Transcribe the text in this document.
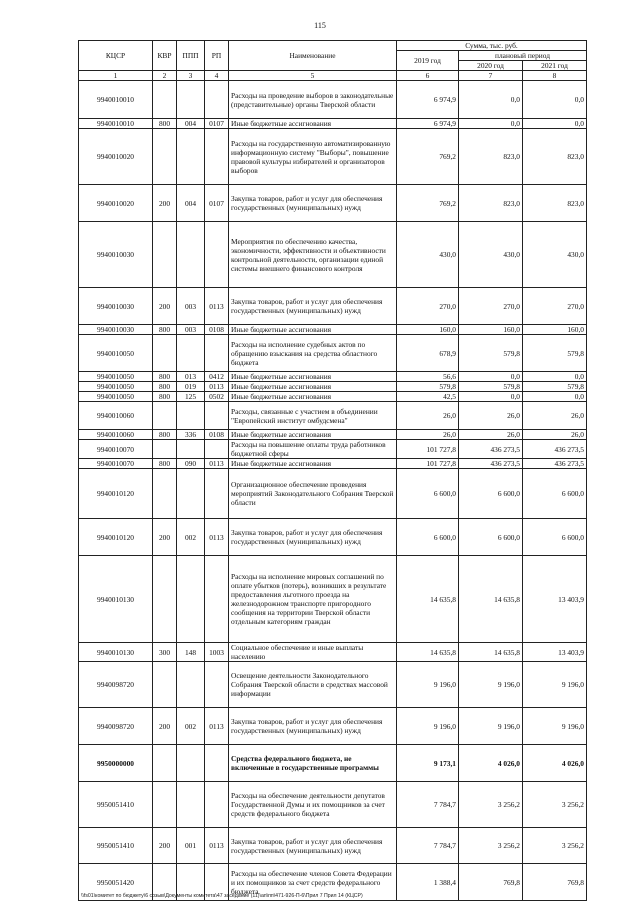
115
КЦСР	КВР	ППП	РП	Наименование	Сумма, тыс. руб.		
					2019 год	плановый период	
						2020 год	2021 год
1	2	3	4	5	6	7	8
9940010010				Расходы на проведение выборов в законодательные (представительные) органы Тверской области	6 974,9	0,0	0,0
9940010010	800	004	0107	Иные бюджетные ассигнования	6 974,9	0,0	0,0
9940010020				Расходы на государственную автоматизированную информационную систему "Выборы", повышение правовой культуры избирателей и организаторов выборов	769,2	823,0	823,0
9940010020	200	004	0107	Закупка товаров, работ и услуг для обеспечения государственных (муниципальных) нужд	769,2	823,0	823,0
9940010030				Мероприятия по обеспечению качества, экономичности, эффективности и объективности контрольной деятельности, организации единой системы внешнего финансового контроля	430,0	430,0	430,0
9940010030	200	003	0113	Закупка товаров, работ и услуг для обеспечения государственных (муниципальных) нужд	270,0	270,0	270,0
9940010030	800	003	0108	Иные бюджетные ассигнования	160,0	160,0	160,0
9940010050				Расходы на исполнение судебных актов по обращению взыскания на средства областного бюджета	678,9	579,8	579,8
9940010050	800	013	0412	Иные бюджетные ассигнования	56,6	0,0	0,0
9940010050	800	019	0113	Иные бюджетные ассигнования	579,8	579,8	579,8
9940010050	800	125	0502	Иные бюджетные ассигнования	42,5	0,0	0,0
9940010060				Расходы, связанные с участием в объединении "Европейский институт омбудсмена"	26,0	26,0	26,0
9940010060	800	336	0108	Иные бюджетные ассигнования	26,0	26,0	26,0
9940010070				Расходы на повышение оплаты труда работников бюджетной сферы	101 727,8	436 273,5	436 273,5
9940010070	800	090	0113	Иные бюджетные ассигнования	101 727,8	436 273,5	436 273,5
9940010120				Организационное обеспечение проведения мероприятий Законодательного Собрания Тверской области	6 600,0	6 600,0	6 600,0
9940010120	200	002	0113	Закупка товаров, работ и услуг для обеспечения государственных (муниципальных) нужд	6 600,0	6 600,0	6 600,0
9940010130				Расходы на исполнение мировых соглашений по оплате убытков (потерь), возникших в результате предоставления льготного проезда на железнодорожном транспорте пригородного сообщения на территории Тверской области отдельным категориям граждан	14 635,8	14 635,8	13 403,9
9940010130	300	148	1003	Социальное обеспечение и иные выплаты населению	14 635,8	14 635,8	13 403,9
9940098720				Освещение деятельности Законодательного Собрания Тверской области в средствах массовой информации	9 196,0	9 196,0	9 196,0
9940098720	200	002	0113	Закупка товаров, работ и услуг для обеспечения государственных (муниципальных) нужд	9 196,0	9 196,0	9 196,0
9950000000				Средства федерального бюджета, не включенные в государственные программы	9 173,1	4 026,0	4 026,0
9950051410				Расходы на обеспечение деятельности депутатов Государственной Думы и их помощников за счет средств федерального бюджета	7 784,7	3 256,2	3 256,2
9950051410	200	001	0113	Закупка товаров, работ и услуг для обеспечения государственных (муниципальных) нужд	7 784,7	3 256,2	3 256,2
9950051420				Расходы на обеспечение членов Совета Федерации и их помощников за счет средств федерального бюджета	1 388,4	769,8	769,8
\\fs01\комитет по бюджету\6 созыв\Документы комитета\47 заседание (11)\ап\пп\471-926-П-6\Прил 7 Прил 14 (КЦСР)
